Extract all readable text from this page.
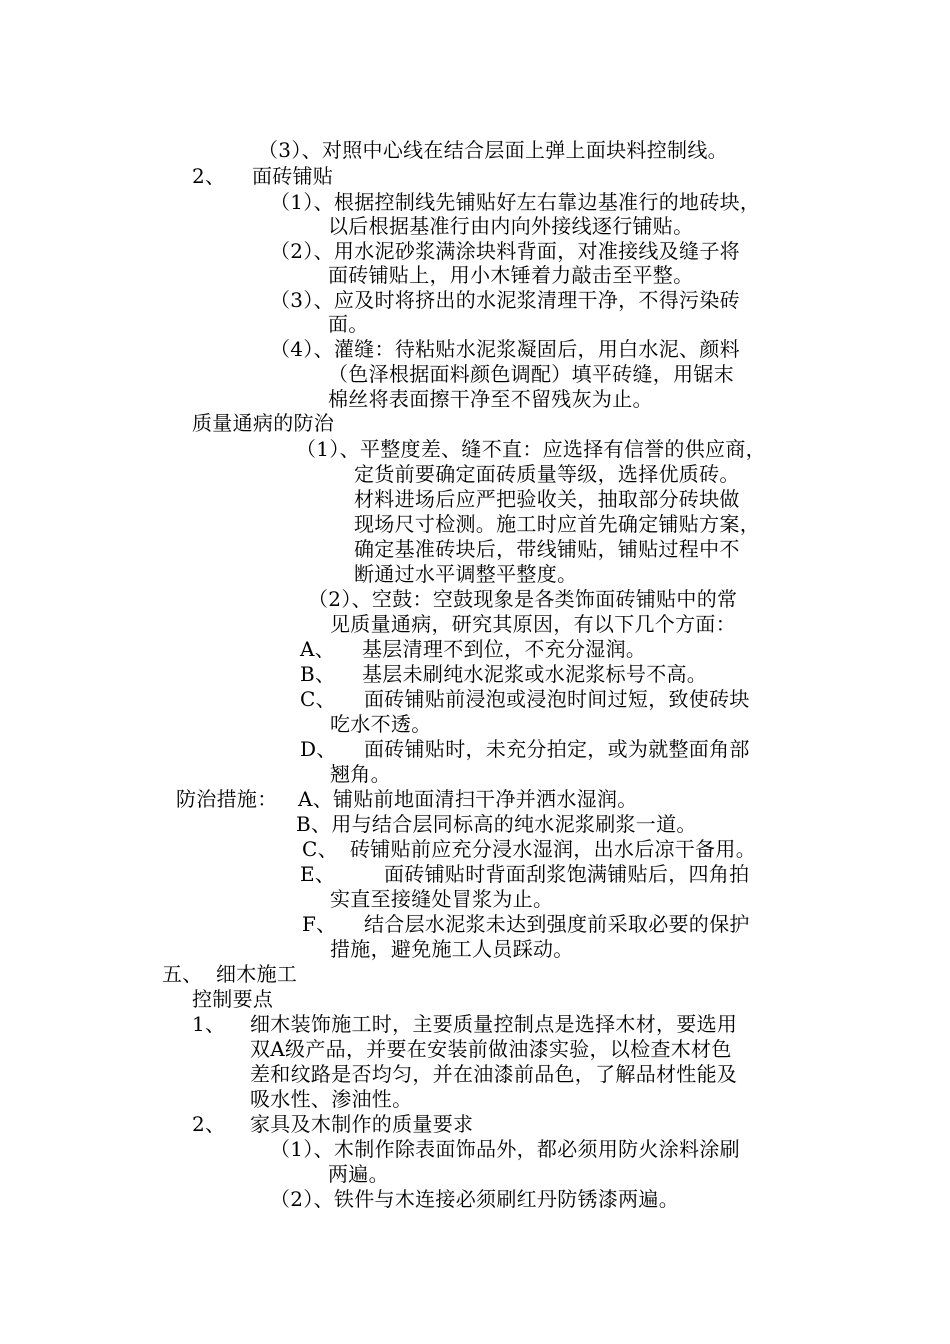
（3）、对照中心线在结合层面上弹上面块料控制线。
2、 面砖铺贴
（1）、根据控制线先铺贴好左右靠边基准行的地砖块，
以后根据基准行由内向外接线逐行铺贴。
（2）、用水泥砂浆满涂块料背面，对准接线及缝子将
面砖铺贴上，用小木锤着力敲击至平整。
（3）、应及时将挤出的水泥浆清理干净，不得污染砖
面。
（4）、灌缝：待粘贴水泥浆凝固后，用白水泥、颜料
（色泽根据面料颜色调配）填平砖缝，用锯末
棉丝将表面擦干净至不留残灰为止。
质量通病的防治
（1）、平整度差、缝不直：应选择有信誉的供应商，
定货前要确定面砖质量等级，选择优质砖。
材料进场后应严把验收关，抽取部分砖块做
现场尺寸检测。施工时应首先确定铺贴方案，
确定基准砖块后，带线铺贴，铺贴过程中不
断通过水平调整平整度。
（2）、空鼓：空鼓现象是各类饰面砖铺贴中的常
见质量通病，研究其原因，有以下几个方面：
A、 基层清理不到位，不充分湿润。
B、 基层未刷纯水泥浆或水泥浆标号不高。
C、 面砖铺贴前浸泡或浸泡时间过短，致使砖块
吃水不透。
D、 面砖铺贴时，未充分拍定，或为就整面角部
翘角。
防治措施： A、铺贴前地面清扫干净并洒水湿润。
B、用与结合层同标高的纯水泥浆刷浆一道。
C、 砖铺贴前应充分浸水湿润，出水后凉干备用。
E、 面砖铺贴时背面刮浆饱满铺贴后，四角拍
实直至接缝处冒浆为止。
F、 结合层水泥浆未达到强度前采取必要的保护
措施，避免施工人员踩动。
五、 细木施工
控制要点
1、 细木装饰施工时，主要质量控制点是选择木材，要选用
双A级产品，并要在安装前做油漆实验，以检查木材色
差和纹路是否均匀，并在油漆前品色，了解品材性能及
吸水性、渗油性。
2、 家具及木制作的质量要求
（1）、木制作除表面饰品外，都必须用防火涂料涂刷
两遍。
（2）、铁件与木连接必须刷红丹防锈漆两遍。
